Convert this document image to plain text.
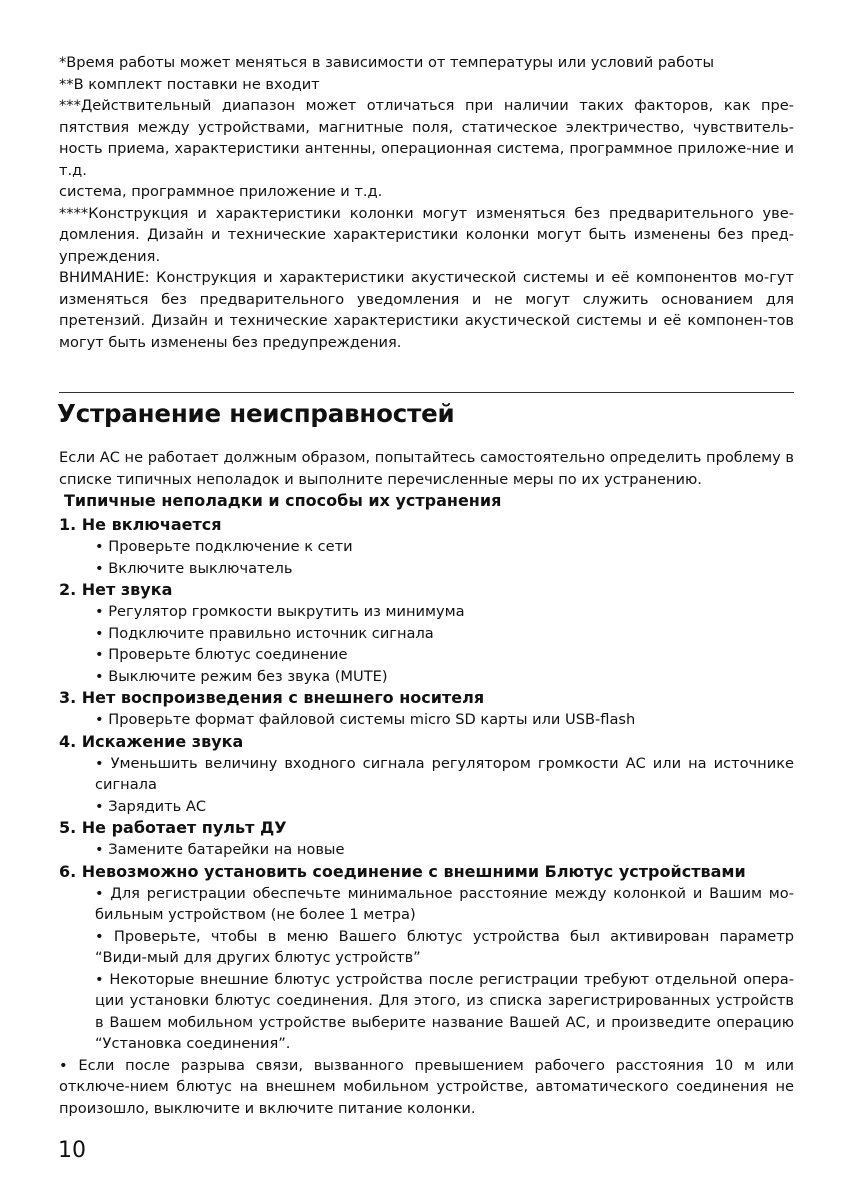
*Время работы может меняться в зависимости от температуры или условий работы

**В комплект поставки не входит

***Действительный диапазон может отличаться при наличии таких факторов, как пре-пятствия между устройствами, магнитные поля, статическое электричество, чувствитель-ность приема, характеристики антенны, операционная система, программное приложе-ние и т.д.

система, программное приложение и т.д.

****Конструкция и характеристики колонки могут изменяться без предварительного уве-домления. Дизайн и технические характеристики колонки могут быть изменены без пред-упреждения.

ВНИМАНИЕ: Конструкция и характеристики акустической системы и её компонентов мо-гут изменяться без предварительного уведомления и не могут служить основанием для претензий. Дизайн и технические характеристики акустической системы и её компонен-тов могут быть изменены без предупреждения.

Устранение неисправностей

Если АС не работает должным образом, попытайтесь самостоятельно определить проблему в списке типичных неполадок и выполните перечисленные меры по их устранению.

Типичные неполадки и способы их устранения
1. Не включается

• Проверьте подключение к сети

• Включите выключатель

2. Нет звука

• Регулятор громкости выкрутить из минимума

• Подключите правильно источник сигнала

• Проверьте блютус соединение

• Выключите режим без звука (MUTE)

3. Нет воспроизведения с внешнего носителя

• Проверьте формат файловой системы micro SD карты или USB-flash

4. Искажение звука

• Уменьшить величину входного сигнала регулятором громкости АС или на источнике сигнала

• Зарядить АС

5. Не работает пульт ДУ

• Замените батарейки на новые

6. Невозможно установить соединение с внешними Блютус устройствами

• Для регистрации обеспечьте минимальное расстояние между колонкой и Вашим мо-бильным устройством (не более 1 метра)

• Проверьте, чтобы в меню Вашего блютус устройства был активирован параметр “Види-мый для других блютус устройств”

• Некоторые внешние блютус устройства после регистрации требуют отдельной опера-ции установки блютус соединения. Для этого, из списка зарегистрированных устройств в Вашем мобильном устройстве выберите название Вашей АС, и произведите операцию “Установка соединения”.

• Если после разрыва связи, вызванного превышением рабочего расстояния 10 м или отключе-нием блютус на внешнем мобильном устройстве, автоматического соединения не произошло, выключите и включите питание колонки.

10
